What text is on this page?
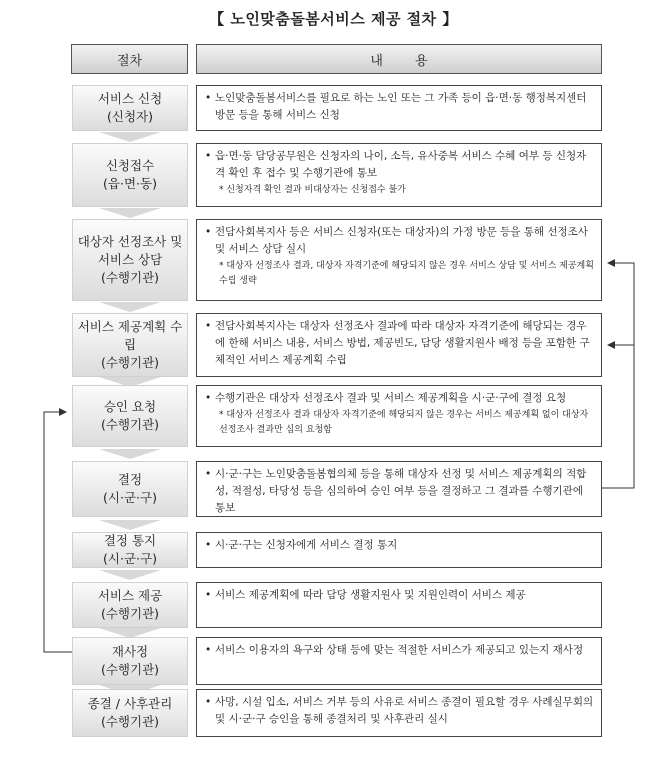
【 노인맞춤돌봄서비스 제공 절차 】
절차	내 용
서비스 신청
(신청자)
• 노인맞춤돌봄서비스를 필요로 하는 노인 또는 그 가족 등이 읍·면·동 행정복지센터 방문 등을 통해 서비스 신청
신청접수
(읍·면·동)
• 읍·면·동 담당공무원은 신청자의 나이, 소득, 유사중복 서비스 수혜 여부 등 신청자격 확인 후 접수 및 수행기관에 통보
* 신청자격 확인 결과 비대상자는 신청접수 불가
대상자 선정조사 및 서비스 상담
(수행기관)
• 전담사회복지사 등은 서비스 신청자(또는 대상자)의 가정 방문 등을 통해 선정조사 및 서비스 상담 실시
* 대상자 선정조사 결과, 대상자 자격기준에 해당되지 않은 경우 서비스 상담 및 서비스 제공계획 수립 생략
서비스 제공계획 수립
(수행기관)
• 전담사회복지사는 대상자 선정조사 결과에 따라 대상자 자격기준에 해당되는 경우에 한해 서비스 내용, 서비스 방법, 제공빈도, 담당 생활지원사 배정 등을 포함한 구체적인 서비스 제공계획 수립
승인 요청
(수행기관)
• 수행기관은 대상자 선정조사 결과 및 서비스 제공계획을 시·군·구에 결정 요청
* 대상자 선정조사 결과 대상자 자격기준에 해당되지 않은 경우는 서비스 제공계획 없이 대상자 선정조사 결과만 심의 요청함
결정
(시·군·구)
• 시·군·구는 노인맞춤돌봄협의체 등을 통해 대상자 선정 및 서비스 제공계획의 적합성, 적절성, 타당성 등을 심의하여 승인 여부 등을 결정하고 그 결과를 수행기관에 통보
결정 통지
(시·군·구)
• 시·군·구는 신청자에게 서비스 결정 통지
서비스 제공
(수행기관)
• 서비스 제공계획에 따라 담당 생활지원사 및 지원인력이 서비스 제공
재사정
(수행기관)
• 서비스 이용자의 욕구와 상태 등에 맞는 적절한 서비스가 제공되고 있는지 재사정
종결 / 사후관리
(수행기관)
• 사망, 시설 입소, 서비스 거부 등의 사유로 서비스 종결이 필요할 경우 사례실무회의 및 시·군·구 승인을 통해 종결처리 및 사후관리 실시
